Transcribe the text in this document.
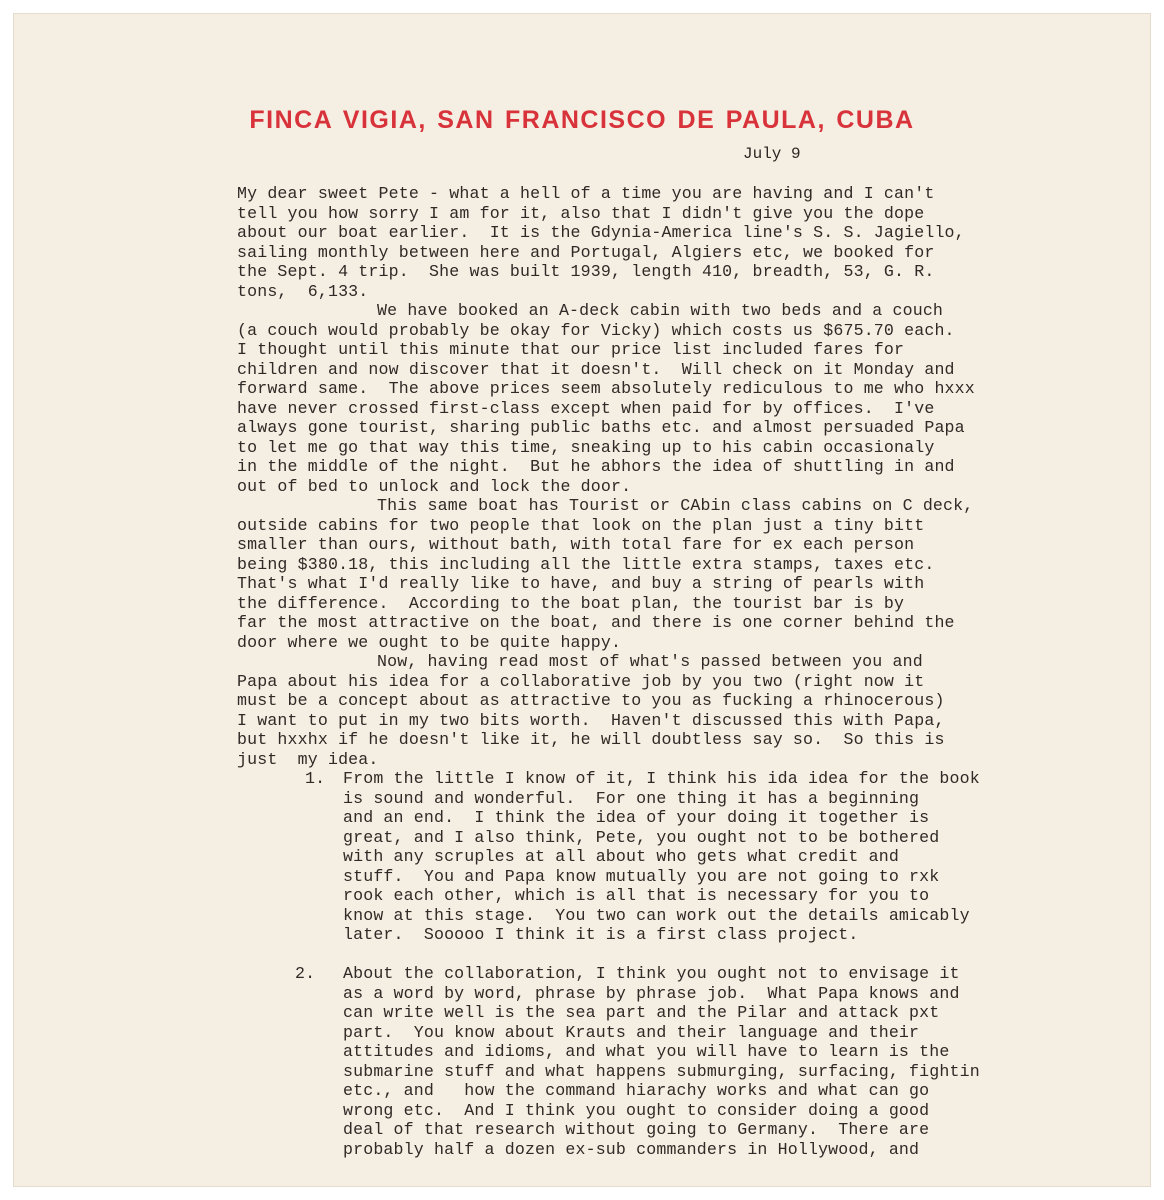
FINCA VIGIA, SAN FRANCISCO DE PAULA, CUBA
July 9
My dear sweet Pete - what a hell of a time you are having and I can't
tell you how sorry I am for it, also that I didn't give you the dope
about our boat earlier.  It is the Gdynia-America line's S. S. Jagiello,
sailing monthly between here and Portugal, Algiers etc, we booked for
the Sept. 4 trip.  She was built 1939, length 410, breadth, 53, G. R.
tons,  6,133.
We have booked an A-deck cabin with two beds and a couch
(a couch would probably be okay for Vicky) which costs us $675.70 each.
I thought until this minute that our price list included fares for
children and now discover that it doesn't.  Will check on it Monday and
forward same.  The above prices seem absolutely rediculous to me who hxxx
have never crossed first-class except when paid for by offices.  I've
always gone tourist, sharing public baths etc. and almost persuaded Papa
to let me go that way this time, sneaking up to his cabin occasionaly
in the middle of the night.  But he abhors the idea of shuttling in and
out of bed to unlock and lock the door.
This same boat has Tourist or CAbin class cabins on C deck,
outside cabins for two people that look on the plan just a tiny bitt
smaller than ours, without bath, with total fare for ex each person
being $380.18, this including all the little extra stamps, taxes etc.
That's what I'd really like to have, and buy a string of pearls with
the difference.  According to the boat plan, the tourist bar is by
far the most attractive on the boat, and there is one corner behind the
door where we ought to be quite happy.
Now, having read most of what's passed between you and
Papa about his idea for a collaborative job by you two (right now it
must be a concept about as attractive to you as fucking a rhinocerous)
I want to put in my two bits worth.  Haven't discussed this with Papa,
but hxxhx if he doesn't like it, he will doubtless say so.  So this is
just  my idea.
1. From the little I know of it, I think his ida idea for the book
is sound and wonderful.  For one thing it has a beginning
and an end.  I think the idea of your doing it together is
great, and I also think, Pete, you ought not to be bothered
with any scruples at all about who gets what credit and
stuff.  You and Papa know mutually you are not going to rxk
rook each other, which is all that is necessary for you to
know at this stage.  You two can work out the details amicably
later.  Sooooo I think it is a first class project.
2. About the collaboration, I think you ought not to envisage it
as a word by word, phrase by phrase job.  What Papa knows and
can write well is the sea part and the Pilar and attack pxt
part.  You know about Krauts and their language and their
attitudes and idioms, and what you will have to learn is the
submarine stuff and what happens submurging, surfacing, fightin
etc., and   how the command hiarachy works and what can go
wrong etc.  And I think you ought to consider doing a good
deal of that research without going to Germany.  There are
probably half a dozen ex-sub commanders in Hollywood, and
